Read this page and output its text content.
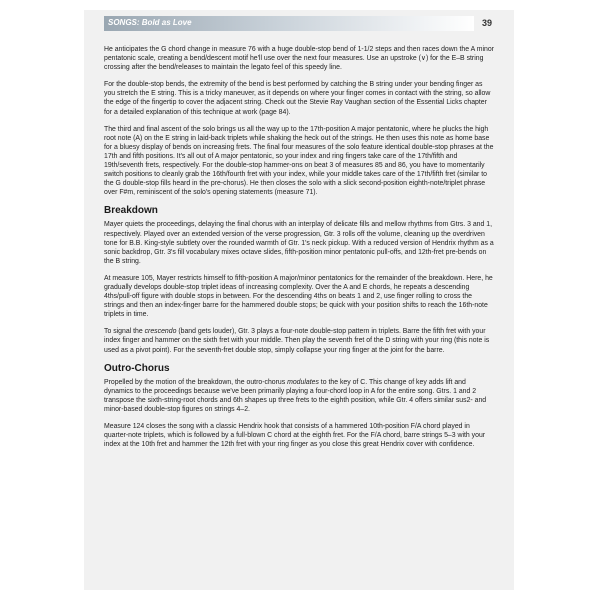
SONGS: Bold as Love	39

He anticipates the G chord change in measure 76 with a huge double-stop bend of 1-1/2 steps and then races down the A minor pentatonic scale, creating a bend/descent motif he'll use over the next four measures. Use an upstroke (∨) for the E–B string crossing after the bend/releases to maintain the legato feel of this speedy line.

For the double-stop bends, the extremity of the bend is best performed by catching the B string under your bending finger as you stretch the E string. This is a tricky maneuver, as it depends on where your finger comes in contact with the string, so allow the edge of the fingertip to cover the adjacent string. Check out the Stevie Ray Vaughan section of the Essential Licks chapter for a detailed explanation of this technique at work (page 84).

The third and final ascent of the solo brings us all the way up to the 17th-position A major pentatonic, where he plucks the high root note (A) on the E string in laid-back triplets while shaking the heck out of the strings. He then uses this note as home base for a bluesy display of bends on increasing frets. The final four measures of the solo feature identical double-stop phrases at the 17th and fifth positions. It's all out of A major pentatonic, so your index and ring fingers take care of the 17th/fifth and 19th/seventh frets, respectively. For the double-stop hammer-ons on beat 3 of measures 85 and 86, you have to momentarily switch positions to cleanly grab the 16th/fourth fret with your index, while your middle takes care of the 17th/fifth fret (similar to the G double-stop fills heard in the pre-chorus). He then closes the solo with a slick second-position eighth-note/triplet phrase over F#m, reminiscent of the solo's opening statements (measure 71).

Breakdown

Mayer quiets the proceedings, delaying the final chorus with an interplay of delicate fills and mellow rhythms from Gtrs. 3 and 1, respectively. Played over an extended version of the verse progression, Gtr. 3 rolls off the volume, cleaning up the overdriven tone for B.B. King-style subtlety over the rounded warmth of Gtr. 1's neck pickup. With a reduced version of Hendrix rhythm as a sonic backdrop, Gtr. 3's fill vocabulary mixes octave slides, fifth-position minor pentatonic pull-offs, and 12th-fret pre-bends on the B string.

At measure 105, Mayer restricts himself to fifth-position A major/minor pentatonics for the remainder of the breakdown. Here, he gradually develops double-stop triplet ideas of increasing complexity. Over the A and E chords, he repeats a descending 4ths/pull-off figure with double stops in between. For the descending 4ths on beats 1 and 2, use finger rolling to cross the strings and then an index-finger barre for the hammered double stops; be quick with your position shifts to reach the 16th-note triplets in time.

To signal the crescendo (band gets louder), Gtr. 3 plays a four-note double-stop pattern in triplets. Barre the fifth fret with your index finger and hammer on the sixth fret with your middle. Then play the seventh fret of the D string with your ring (this note is used as a pivot point). For the seventh-fret double stop, simply collapse your ring finger at the joint for the barre.

Outro-Chorus

Propelled by the motion of the breakdown, the outro-chorus modulates to the key of C. This change of key adds lift and dynamics to the proceedings because we've been primarily playing a four-chord loop in A for the entire song. Gtrs. 1 and 2 transpose the sixth-string-root chords and 6th shapes up three frets to the eighth position, while Gtr. 4 offers similar sus2- and minor-based double-stop figures on strings 4–2.

Measure 124 closes the song with a classic Hendrix hook that consists of a hammered 10th-position F/A chord played in quarter-note triplets, which is followed by a full-blown C chord at the eighth fret. For the F/A chord, barre strings 5–3 with your index at the 10th fret and hammer the 12th fret with your ring finger as you close this great Hendrix cover with confidence.
